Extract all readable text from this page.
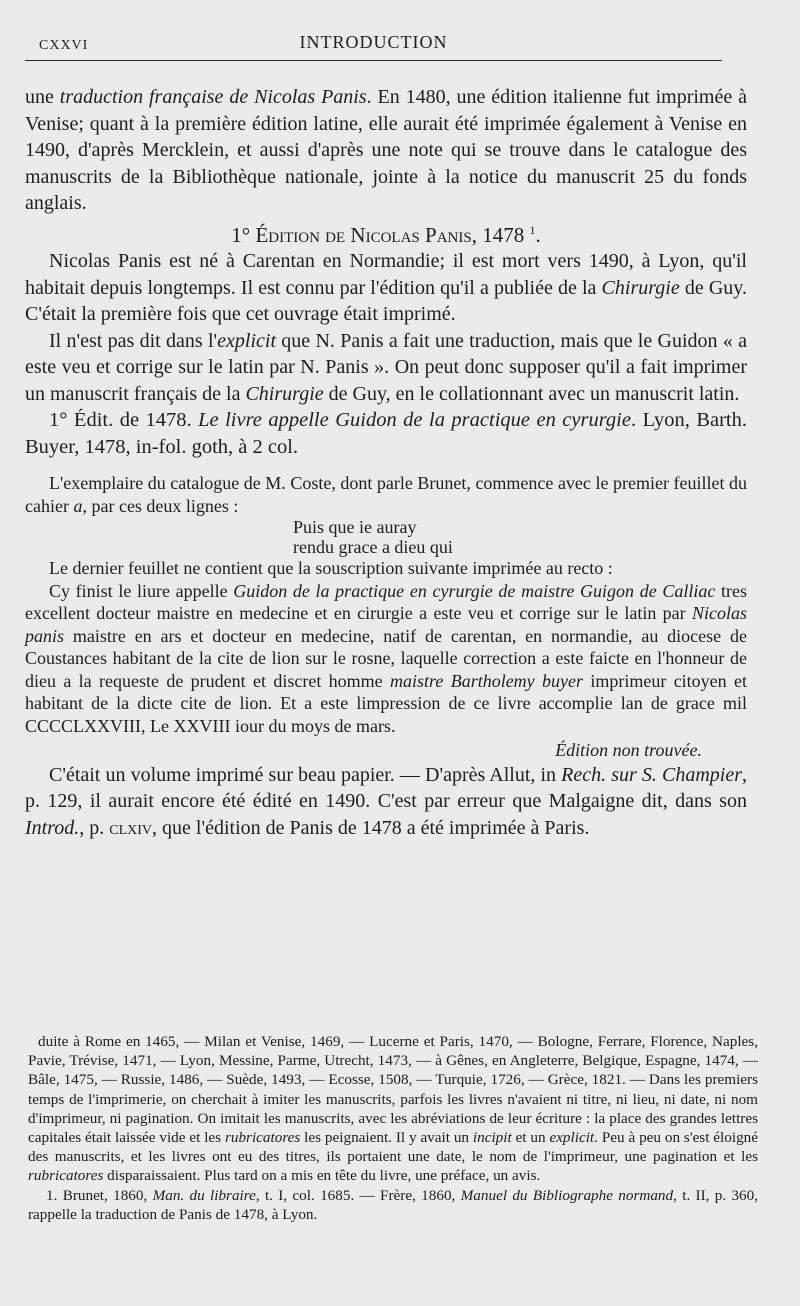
CXXVI	INTRODUCTION

une traduction française de Nicolas Panis. En 1480, une édition italienne fut imprimée à Venise; quant à la première édition latine, elle aurait été imprimée également à Venise en 1490, d'après Mercklein, et aussi d'après une note qui se trouve dans le catalogue des manuscrits de la Bibliothèque nationale, jointe à la notice du manuscrit 25 du fonds anglais.

1° Édition de Nicolas Panis, 1478 $^1$.

Nicolas Panis est né à Carentan en Normandie; il est mort vers 1490, à Lyon, qu'il habitait depuis longtemps. Il est connu par l'édition qu'il a publiée de la Chirurgie de Guy. C'était la première fois que cet ouvrage était imprimé.

Il n'est pas dit dans l'explicit que N. Panis a fait une traduction, mais que le Guidon « a este veu et corrige sur le latin par N. Panis ». On peut donc supposer qu'il a fait imprimer un manuscrit français de la Chirurgie de Guy, en le collationnant avec un manuscrit latin.

1° Édit. de 1478. Le livre appelle Guidon de la practique en cyrurgie. Lyon, Barth. Buyer, 1478, in-fol. goth, à 2 col.

L'exemplaire du catalogue de M. Coste, dont parle Brunet, commence avec le premier feuillet du cahier a, par ces deux lignes :

Puis que ie auray
rendu grace a dieu qui

Le dernier feuillet ne contient que la souscription suivante imprimée au recto :

Cy finist le liure appelle Guidon de la practique en cyrurgie de maistre Guigon de Calliac tres excellent docteur maistre en medecine et en cirurgie a este veu et corrige sur le latin par Nicolas panis maistre en ars et docteur en medecine, natif de carentan, en normandie, au diocese de Coustances habitant de la cite de lion sur le rosne, laquelle correction a este faicte en l'honneur de dieu a la requeste de prudent et discret homme maistre Bartholemy buyer imprimeur citoyen et habitant de la dicte cite de lion. Et a este limpression de ce livre accomplie lan de grace mil CCCCLXXVIII, Le XXVIII iour du moys de mars.

Édition non trouvée.

C'était un volume imprimé sur beau papier. — D'après Allut, in Rech. sur S. Champier, p. 129, il aurait encore été édité en 1490. C'est par erreur que Malgaigne dit, dans son Introd., p. clxiv, que l'édition de Panis de 1478 a été imprimée à Paris.

duite à Rome en 1465, — Milan et Venise, 1469, — Lucerne et Paris, 1470, — Bologne, Ferrare, Florence, Naples, Pavie, Trévise, 1471, — Lyon, Messine, Parme, Utrecht, 1473, — à Gênes, en Angleterre, Belgique, Espagne, 1474, — Bâle, 1475, — Russie, 1486, — Suède, 1493, — Ecosse, 1508, — Turquie, 1726, — Grèce, 1821. — Dans les premiers temps de l'imprimerie, on cherchait à imiter les manuscrits, parfois les livres n'avaient ni titre, ni lieu, ni date, ni nom d'imprimeur, ni pagination. On imitait les manuscrits, avec les abréviations de leur écriture : la place des grandes lettres capitales était laissée vide et les rubricatores les peignaient. Il y avait un incipit et un explicit. Peu à peu on s'est éloigné des manuscrits, et les livres ont eu des titres, ils portaient une date, le nom de l'imprimeur, une pagination et les rubricatores disparaissaient. Plus tard on a mis en tête du livre, une préface, un avis.

1. Brunet, 1860, Man. du libraire, t. I, col. 1685. — Frère, 1860, Manuel du Bibliographe normand, t. II, p. 360, rappelle la traduction de Panis de 1478, à Lyon.
